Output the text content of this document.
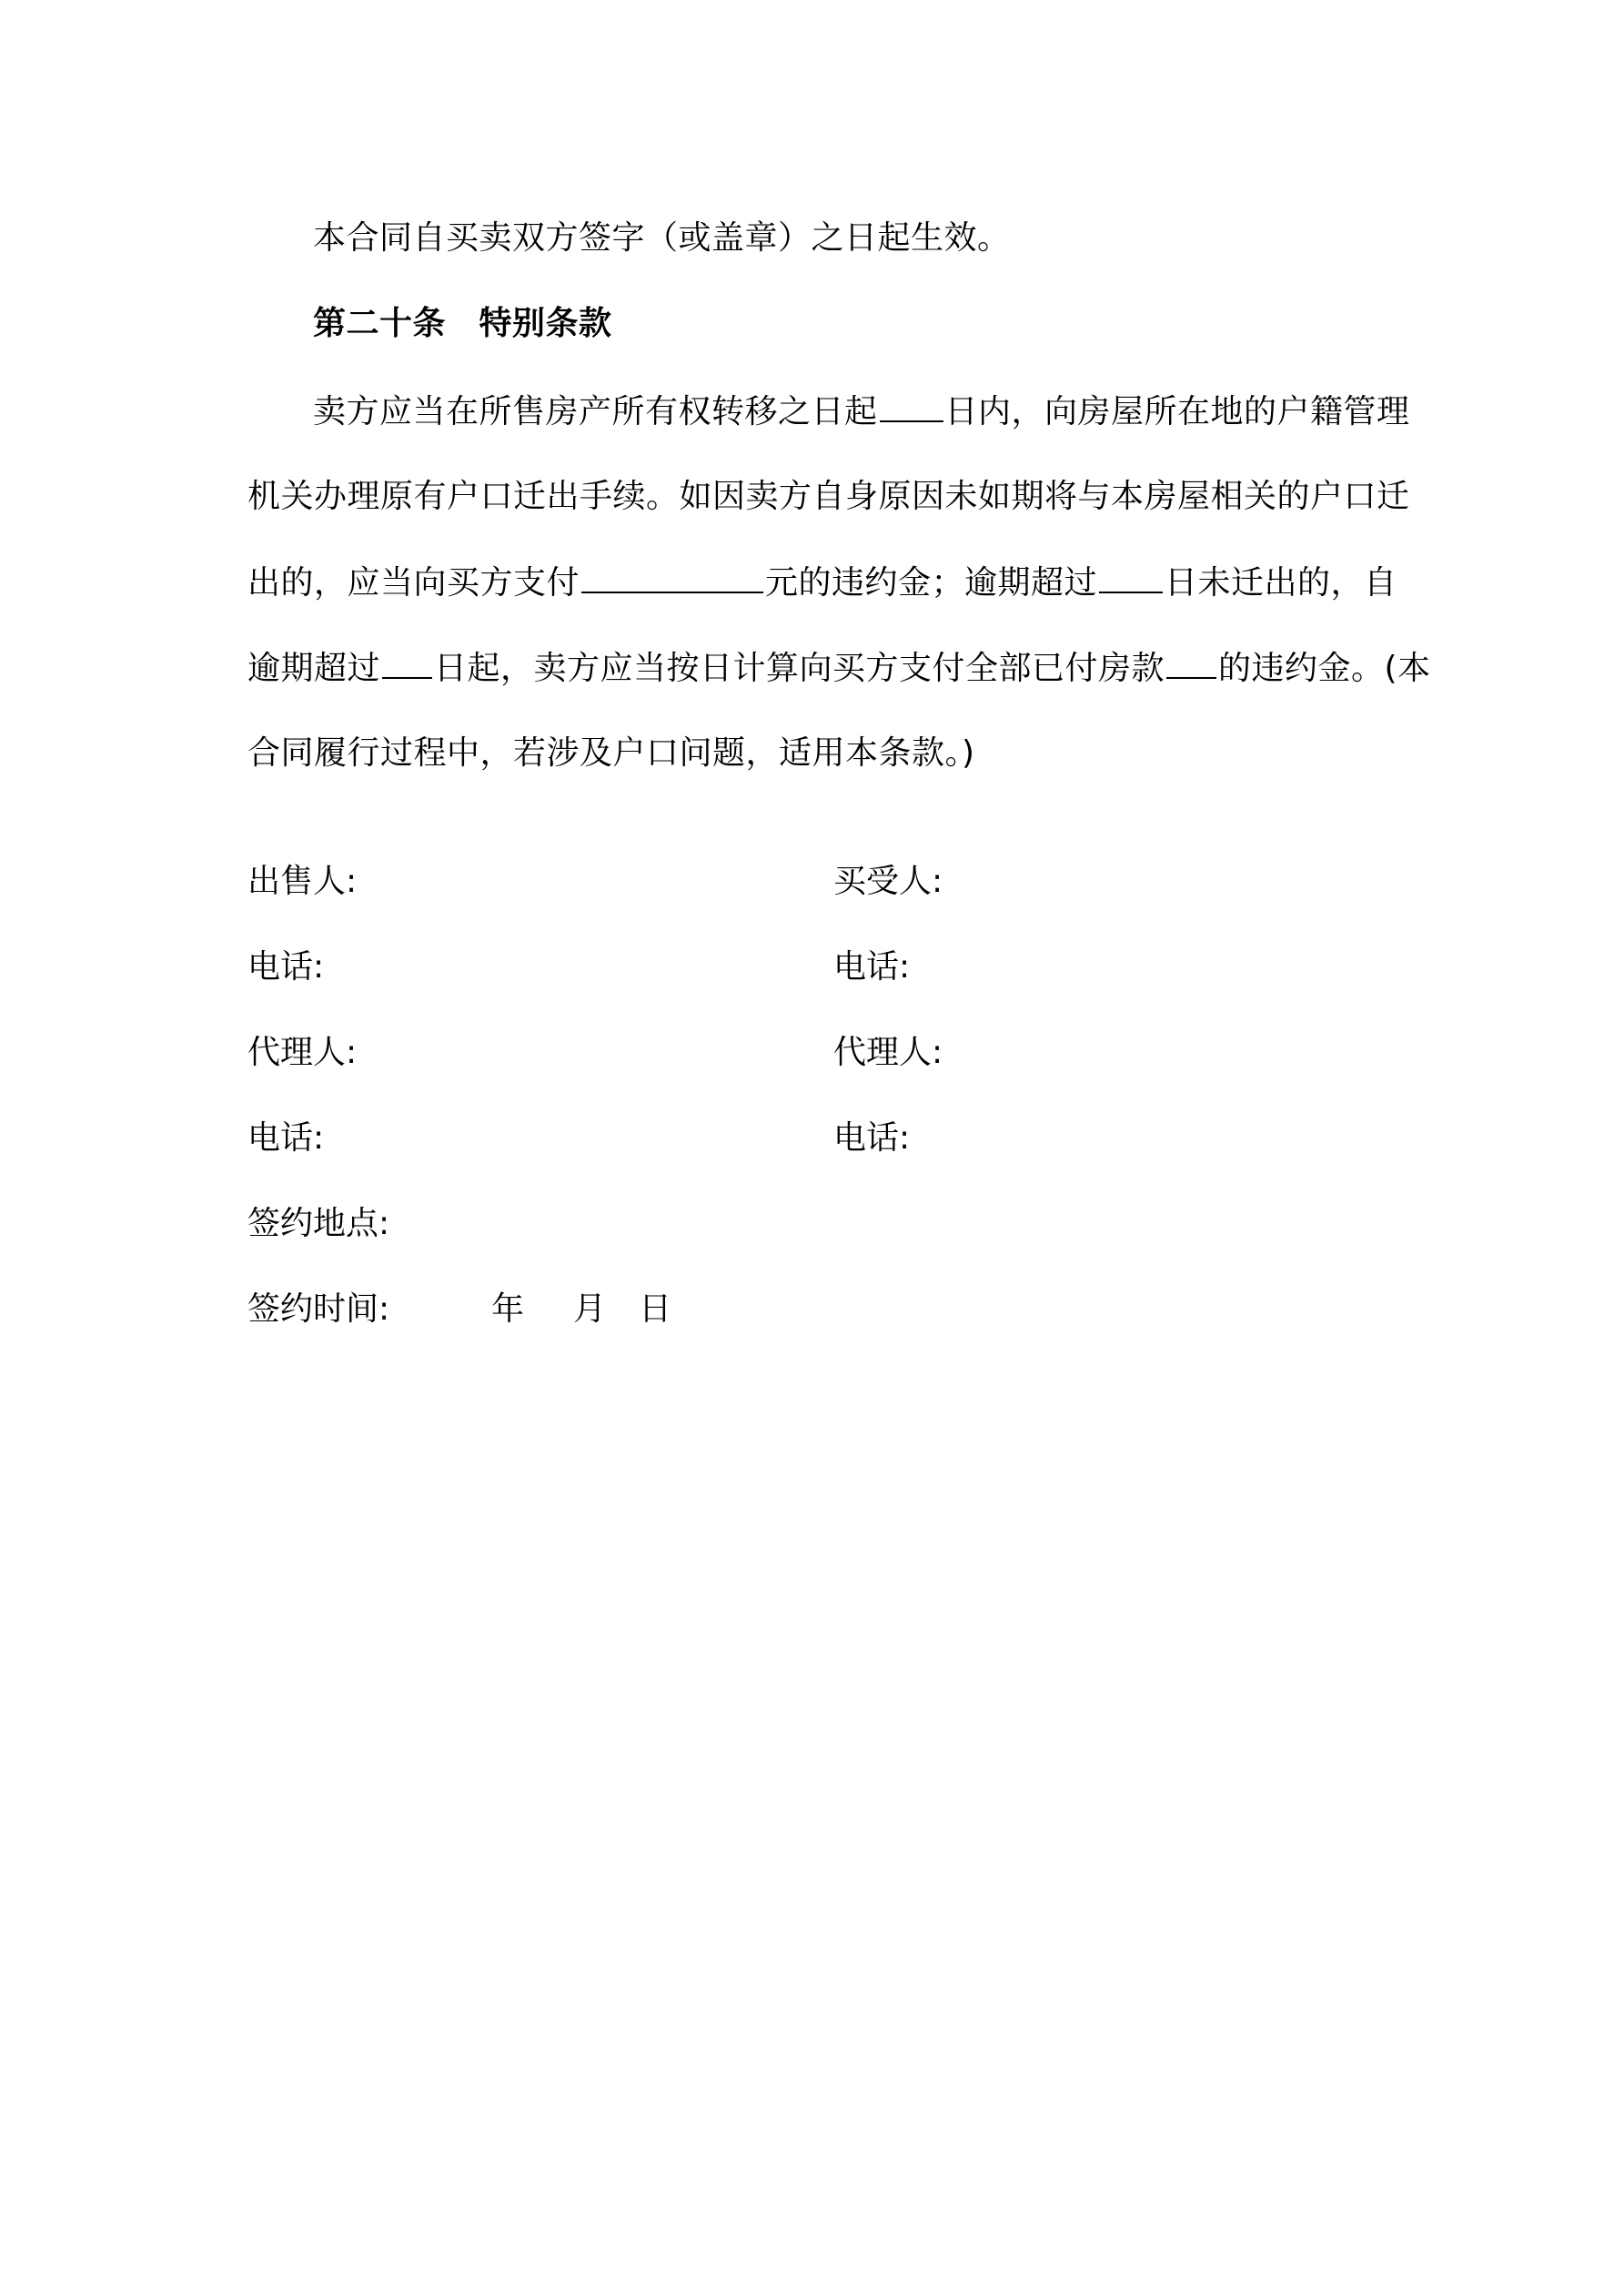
本合同自买卖双方签字（或盖章）之日起生效。
第二十条　特别条款
卖方应当在所售房产所有权转移之日起 日内，向房屋所在地的户籍管理
机关办理原有户口迁出手续。如因卖方自身原因未如期将与本房屋相关的户口迁
出的，应当向买方支付	元的违约金；逾期超过 日未迁出的，自
逾期超过 日起，卖方应当按日计算向买方支付全部已付房款 的违约金。(本
合同履行过程中，若涉及户口问题，适用本条款。)
出售人:	买受人:
电话:	电话:
代理人:	代理人:
电话:	电话:
签约地点:
签约时间:	年 月 日
